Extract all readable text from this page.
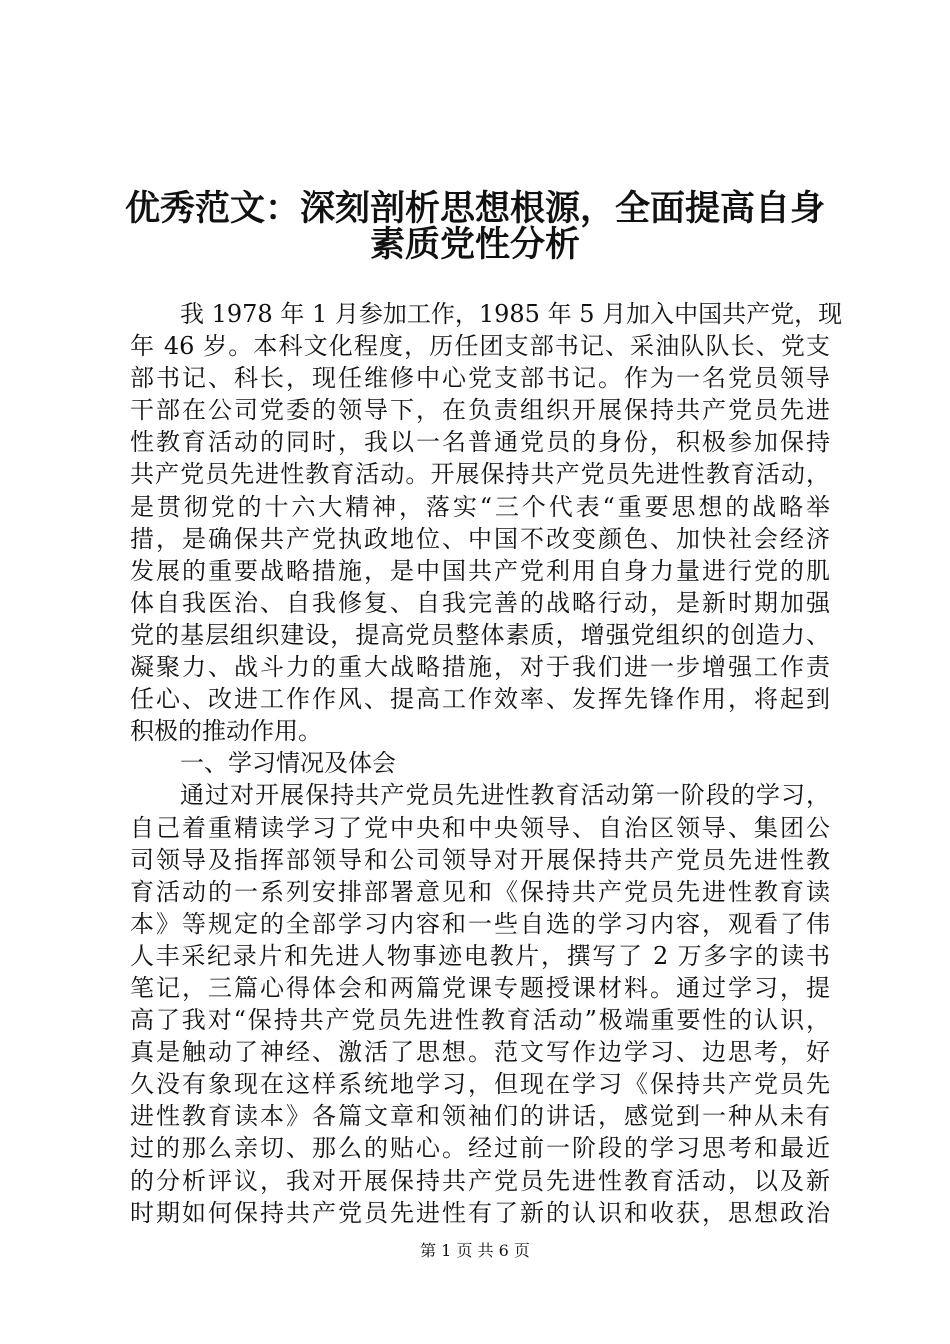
优秀范文：深刻剖析思想根源，全面提高自身
素质党性分析
我 1978 年 1 月参加工作，1985 年 5 月加入中国共产党，现
年 46 岁。本科文化程度，历任团支部书记、采油队队长、党支
部书记、科长，现任维修中心党支部书记。作为一名党员领导
干部在公司党委的领导下，在负责组织开展保持共产党员先进
性教育活动的同时，我以一名普通党员的身份，积极参加保持
共产党员先进性教育活动。开展保持共产党员先进性教育活动，
是贯彻党的十六大精神，落实“三个代表“重要思想的战略举
措，是确保共产党执政地位、中国不改变颜色、加快社会经济
发展的重要战略措施，是中国共产党利用自身力量进行党的肌
体自我医治、自我修复、自我完善的战略行动，是新时期加强
党的基层组织建设，提高党员整体素质，增强党组织的创造力、
凝聚力、战斗力的重大战略措施，对于我们进一步增强工作责
任心、改进工作作风、提高工作效率、发挥先锋作用，将起到
积极的推动作用。
一、学习情况及体会
通过对开展保持共产党员先进性教育活动第一阶段的学习，
自己着重精读学习了党中央和中央领导、自治区领导、集团公
司领导及指挥部领导和公司领导对开展保持共产党员先进性教
育活动的一系列安排部署意见和《保持共产党员先进性教育读
本》等规定的全部学习内容和一些自选的学习内容，观看了伟
人丰采纪录片和先进人物事迹电教片，撰写了 2 万多字的读书
笔记，三篇心得体会和两篇党课专题授课材料。通过学习，提
高了我对“保持共产党员先进性教育活动”极端重要性的认识，
真是触动了神经、激活了思想。范文写作边学习、边思考，好
久没有象现在这样系统地学习，但现在学习《保持共产党员先
进性教育读本》各篇文章和领袖们的讲话，感觉到一种从未有
过的那么亲切、那么的贴心。经过前一阶段的学习思考和最近
的分析评议，我对开展保持共产党员先进性教育活动，以及新
时期如何保持共产党员先进性有了新的认识和收获，思想政治
第 1 页 共 6 页
